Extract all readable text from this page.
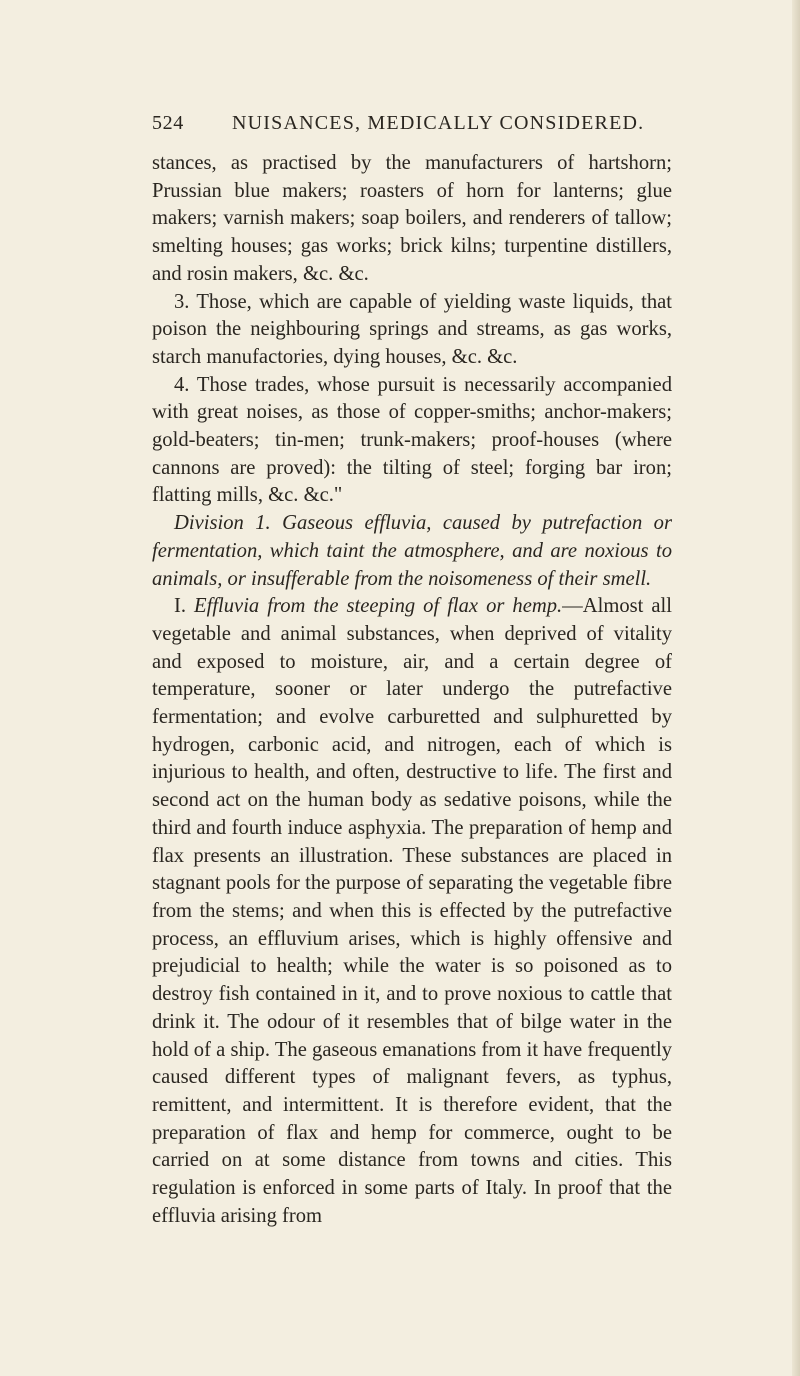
524 NUISANCES, MEDICALLY CONSIDERED.

stances, as practised by the manufacturers of hartshorn; Prussian blue makers; roasters of horn for lanterns; glue makers; varnish makers; soap boilers, and renderers of tallow; smelting houses; gas works; brick kilns; turpentine distillers, and rosin makers, &c. &c.

3. Those, which are capable of yielding waste liquids, that poison the neighbouring springs and streams, as gas works, starch manufactories, dying houses, &c. &c.

4. Those trades, whose pursuit is necessarily accompanied with great noises, as those of copper-smiths; anchor-makers; gold-beaters; tin-men; trunk-makers; proof-houses (where cannons are proved): the tilting of steel; forging bar iron; flatting mills, &c. &c."

Division 1. Gaseous effluvia, caused by putrefaction or fermentation, which taint the atmosphere, and are noxious to animals, or insufferable from the noisomeness of their smell.

I. Effluvia from the steeping of flax or hemp.—Almost all vegetable and animal substances, when deprived of vitality and exposed to moisture, air, and a certain degree of temperature, sooner or later undergo the putrefactive fermentation; and evolve carburetted and sulphuretted by hydrogen, carbonic acid, and nitrogen, each of which is injurious to health, and often, destructive to life. The first and second act on the human body as sedative poisons, while the third and fourth induce asphyxia. The preparation of hemp and flax presents an illustration. These substances are placed in stagnant pools for the purpose of separating the vegetable fibre from the stems; and when this is effected by the putrefactive process, an effluvium arises, which is highly offensive and prejudicial to health; while the water is so poisoned as to destroy fish contained in it, and to prove noxious to cattle that drink it. The odour of it resembles that of bilge water in the hold of a ship. The gaseous emanations from it have frequently caused different types of malignant fevers, as typhus, remittent, and intermittent. It is therefore evident, that the preparation of flax and hemp for commerce, ought to be carried on at some distance from towns and cities. This regulation is enforced in some parts of Italy. In proof that the effluvia arising from
